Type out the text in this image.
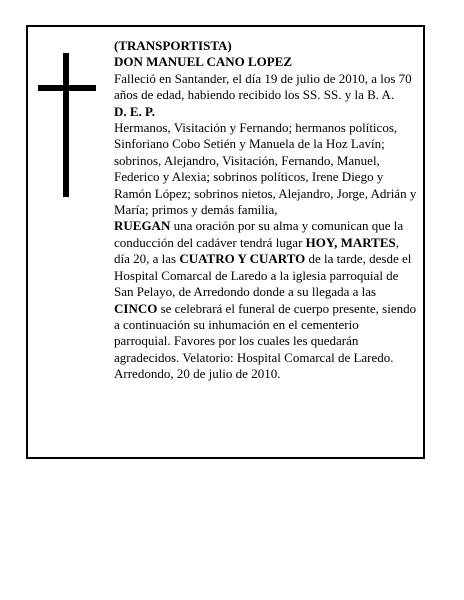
(TRANSPORTISTA)

DON MANUEL CANO LOPEZ

Falleció en Santander, el día 19 de julio de 2010, a los 70 años de edad, habiendo recibido los SS. SS. y la B. A.

D. E. P.

Hermanos, Visitación y Fernando; hermanos políticos, Sinforiano Cobo Setién y Manuela de la Hoz Lavín; sobrinos, Alejandro, Visitación, Fernando, Manuel, Federico y Alexia; sobrinos políticos, Irene Diego y Ramón López; sobrinos nietos, Alejandro, Jorge, Adrián y María; primos y demás familia,

RUEGAN una oración por su alma y comunican que la conducción del cadáver tendrá lugar HOY, MARTES, día 20, a las CUATRO Y CUARTO de la tarde, desde el Hospital Comarcal de Laredo a la iglesia parroquial de San Pelayo, de Arredondo donde a su llegada a las CINCO se celebrará el funeral de cuerpo presente, siendo a continuación su inhumación en el cementerio parroquial. Favores por los cuales les quedarán agradecidos. Velatorio: Hospital Comarcal de Laredo.

Arredondo, 20 de julio de 2010.
